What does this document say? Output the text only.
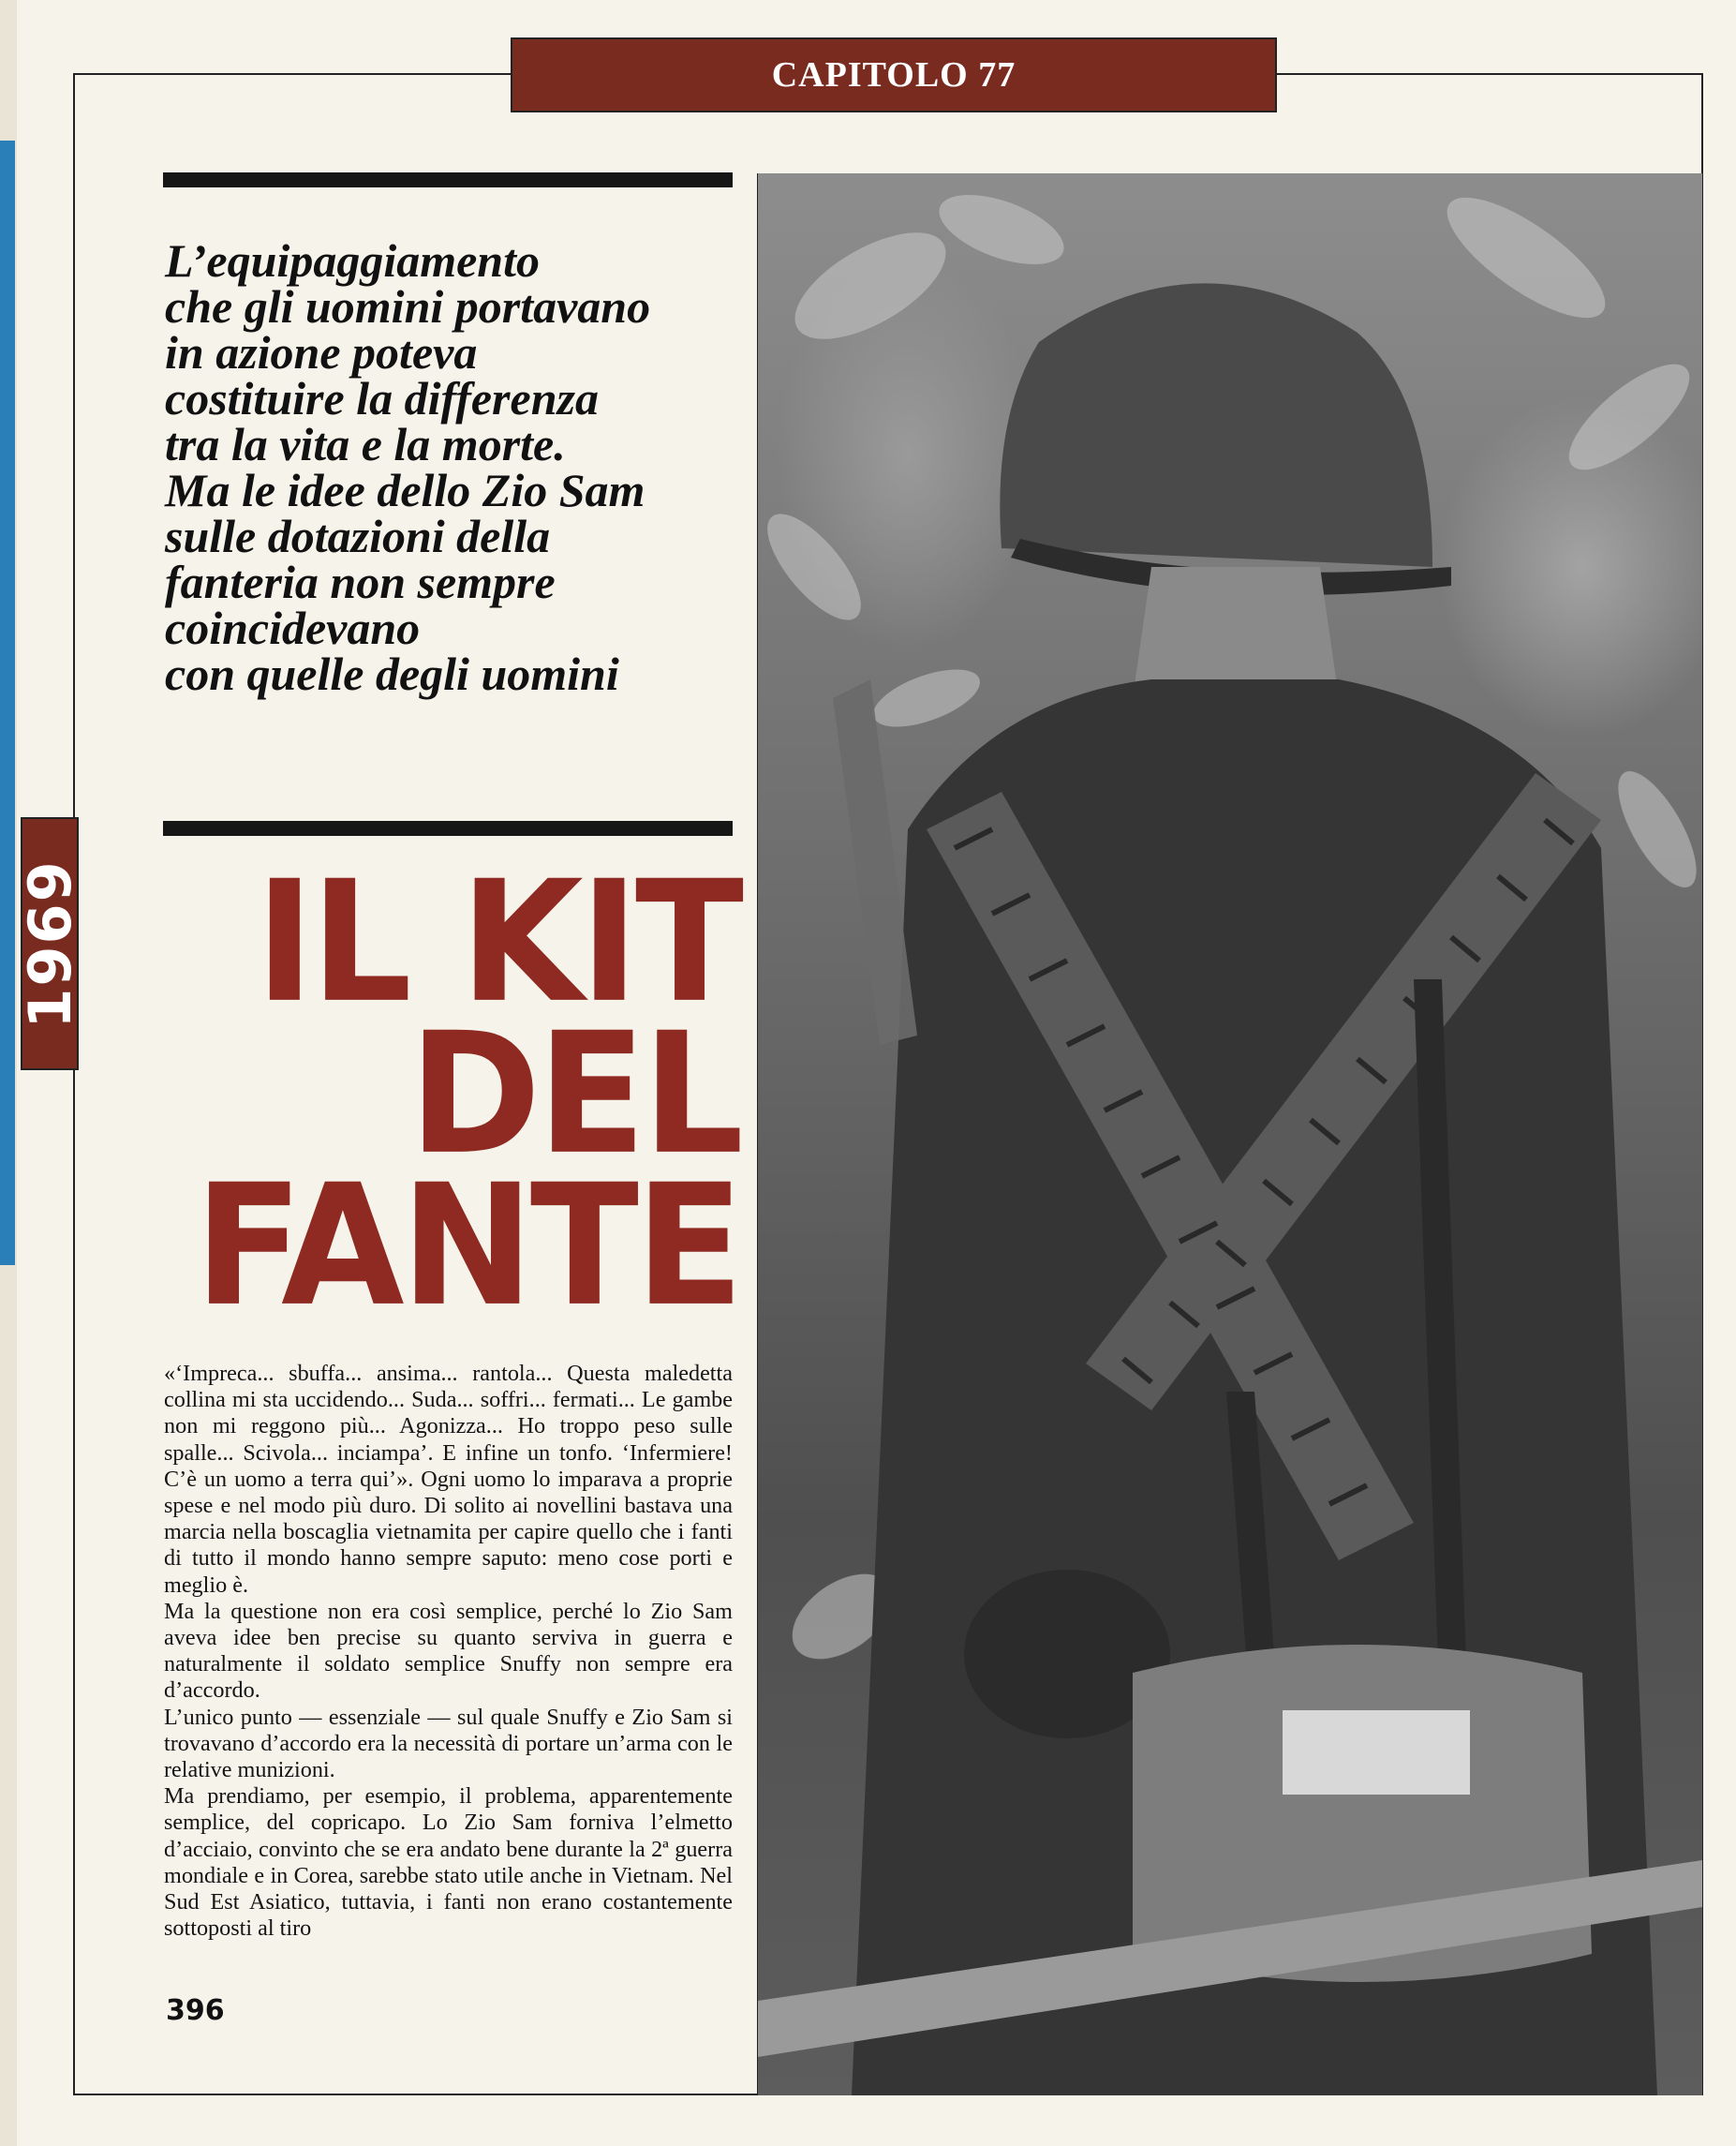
CAPITOLO 77

L’equipaggiamento
che gli uomini portavano
in azione poteva
costituire la differenza
tra la vita e la morte.
Ma le idee dello Zio Sam
sulle dotazioni della
fanteria non sempre
coincidevano
con quelle degli uomini

1969	IL KIT
DEL
FANTE

«‘Impreca... sbuffa... ansima... rantola... Questa maledetta collina mi sta uccidendo... Suda... soffri... fermati... Le gambe non mi reggono più... Agonizza... Ho troppo peso sulle spalle... Scivola... inciampa’. E infine un tonfo. ‘Infermiere! C’è un uomo a terra qui’». Ogni uomo lo imparava a proprie spese e nel modo più duro. Di solito ai novellini bastava una marcia nella boscaglia vietnamita per capire quello che i fanti di tutto il mondo hanno sempre saputo: meno cose porti e meglio è.

Ma la questione non era così semplice, perché lo Zio Sam aveva idee ben precise su quanto serviva in guerra e naturalmente il soldato semplice Snuffy non sempre era d’accordo.

L’unico punto — essenziale — sul quale Snuffy e Zio Sam si trovavano d’accordo era la necessità di portare un’arma con le relative munizioni.

Ma prendiamo, per esempio, il problema, apparentemente semplice, del copricapo. Lo Zio Sam forniva l’elmetto d’acciaio, convinto che se era andato bene durante la 2ª guerra mondiale e in Corea, sarebbe stato utile anche in Vietnam. Nel Sud Est Asiatico, tuttavia, i fanti non erano costantemente sottoposti al tiro

396
